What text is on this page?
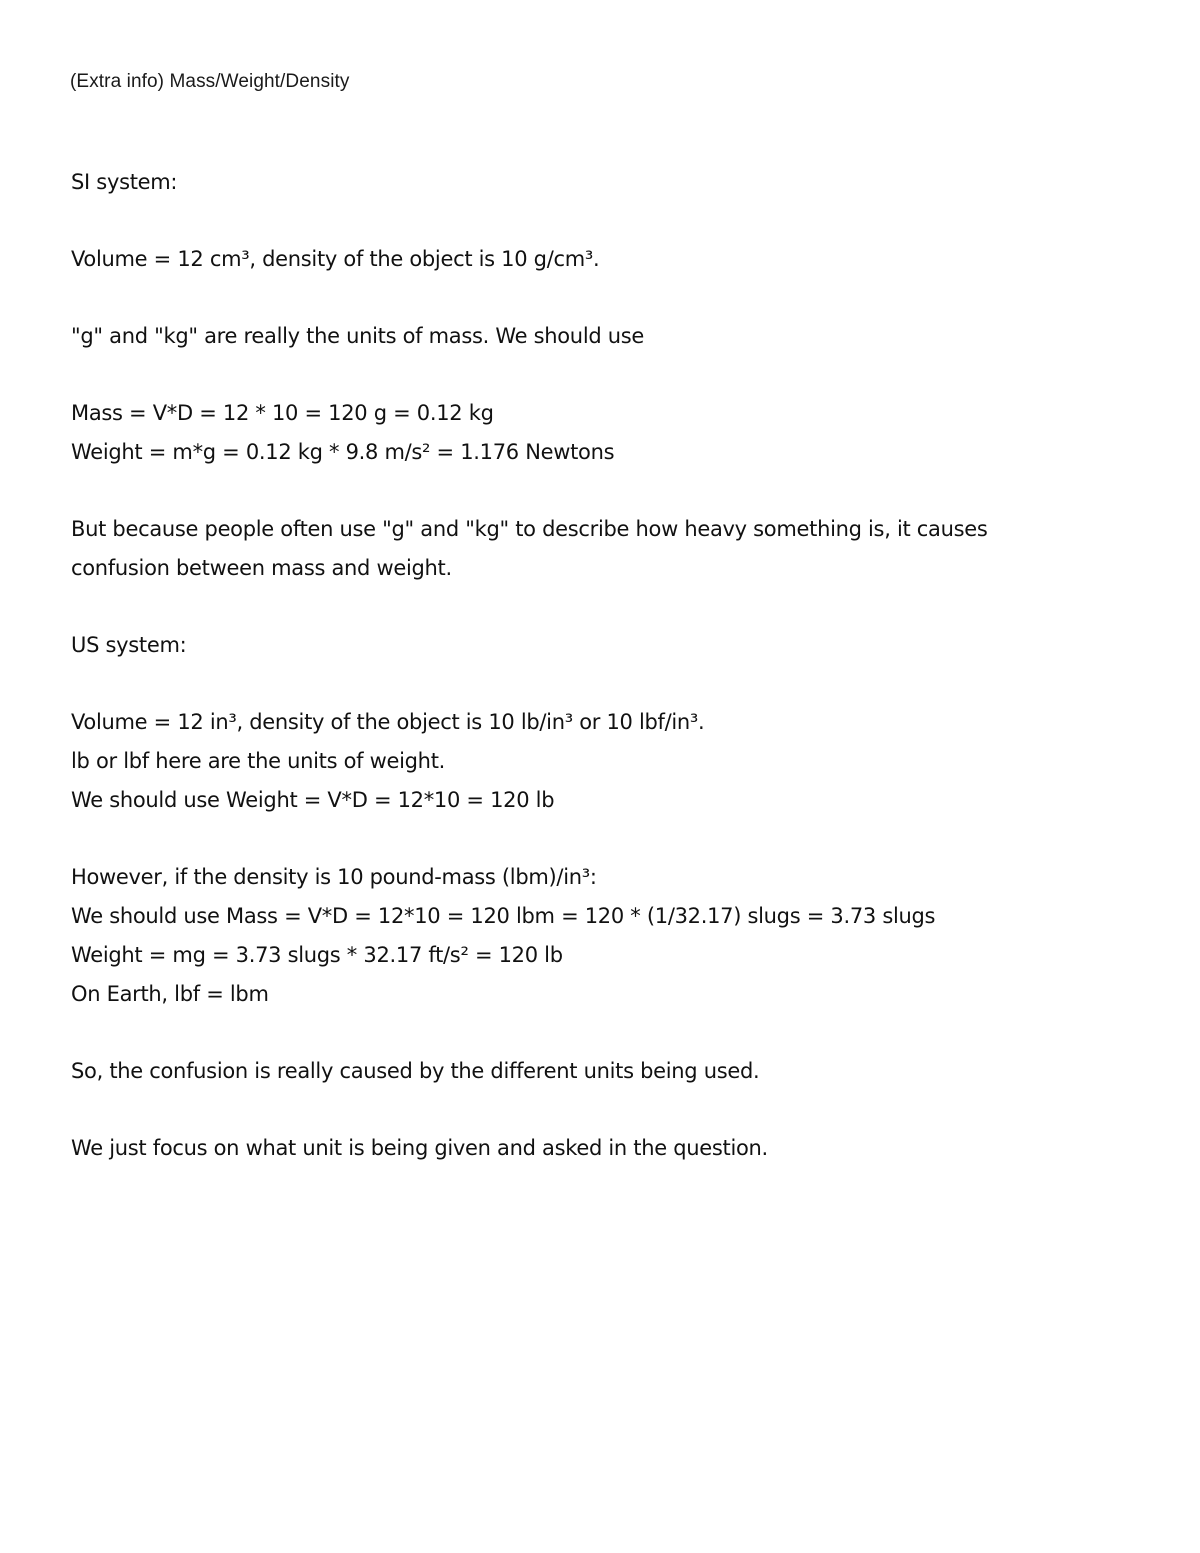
(Extra info) Mass/Weight/Density
SI system:
Volume = 12 cm³, density of the object is 10 g/cm³.
"g" and "kg" are really the units of mass. We should use
Mass = V*D = 12 * 10 = 120 g = 0.12 kg
Weight = m*g = 0.12 kg * 9.8 m/s² = 1.176 Newtons
But because people often use "g" and "kg" to describe how heavy something is, it causes
confusion between mass and weight.
US system:
Volume = 12 in³, density of the object is 10 lb/in³ or 10 lbf/in³.
lb or lbf here are the units of weight.
We should use Weight = V*D = 12*10 = 120 lb
However, if the density is 10 pound-mass (lbm)/in³:
We should use Mass = V*D = 12*10 = 120 lbm = 120 * (1/32.17) slugs = 3.73 slugs
Weight = mg = 3.73 slugs * 32.17 ft/s² = 120 lb
On Earth, lbf = lbm
So, the confusion is really caused by the different units being used.
We just focus on what unit is being given and asked in the question.
